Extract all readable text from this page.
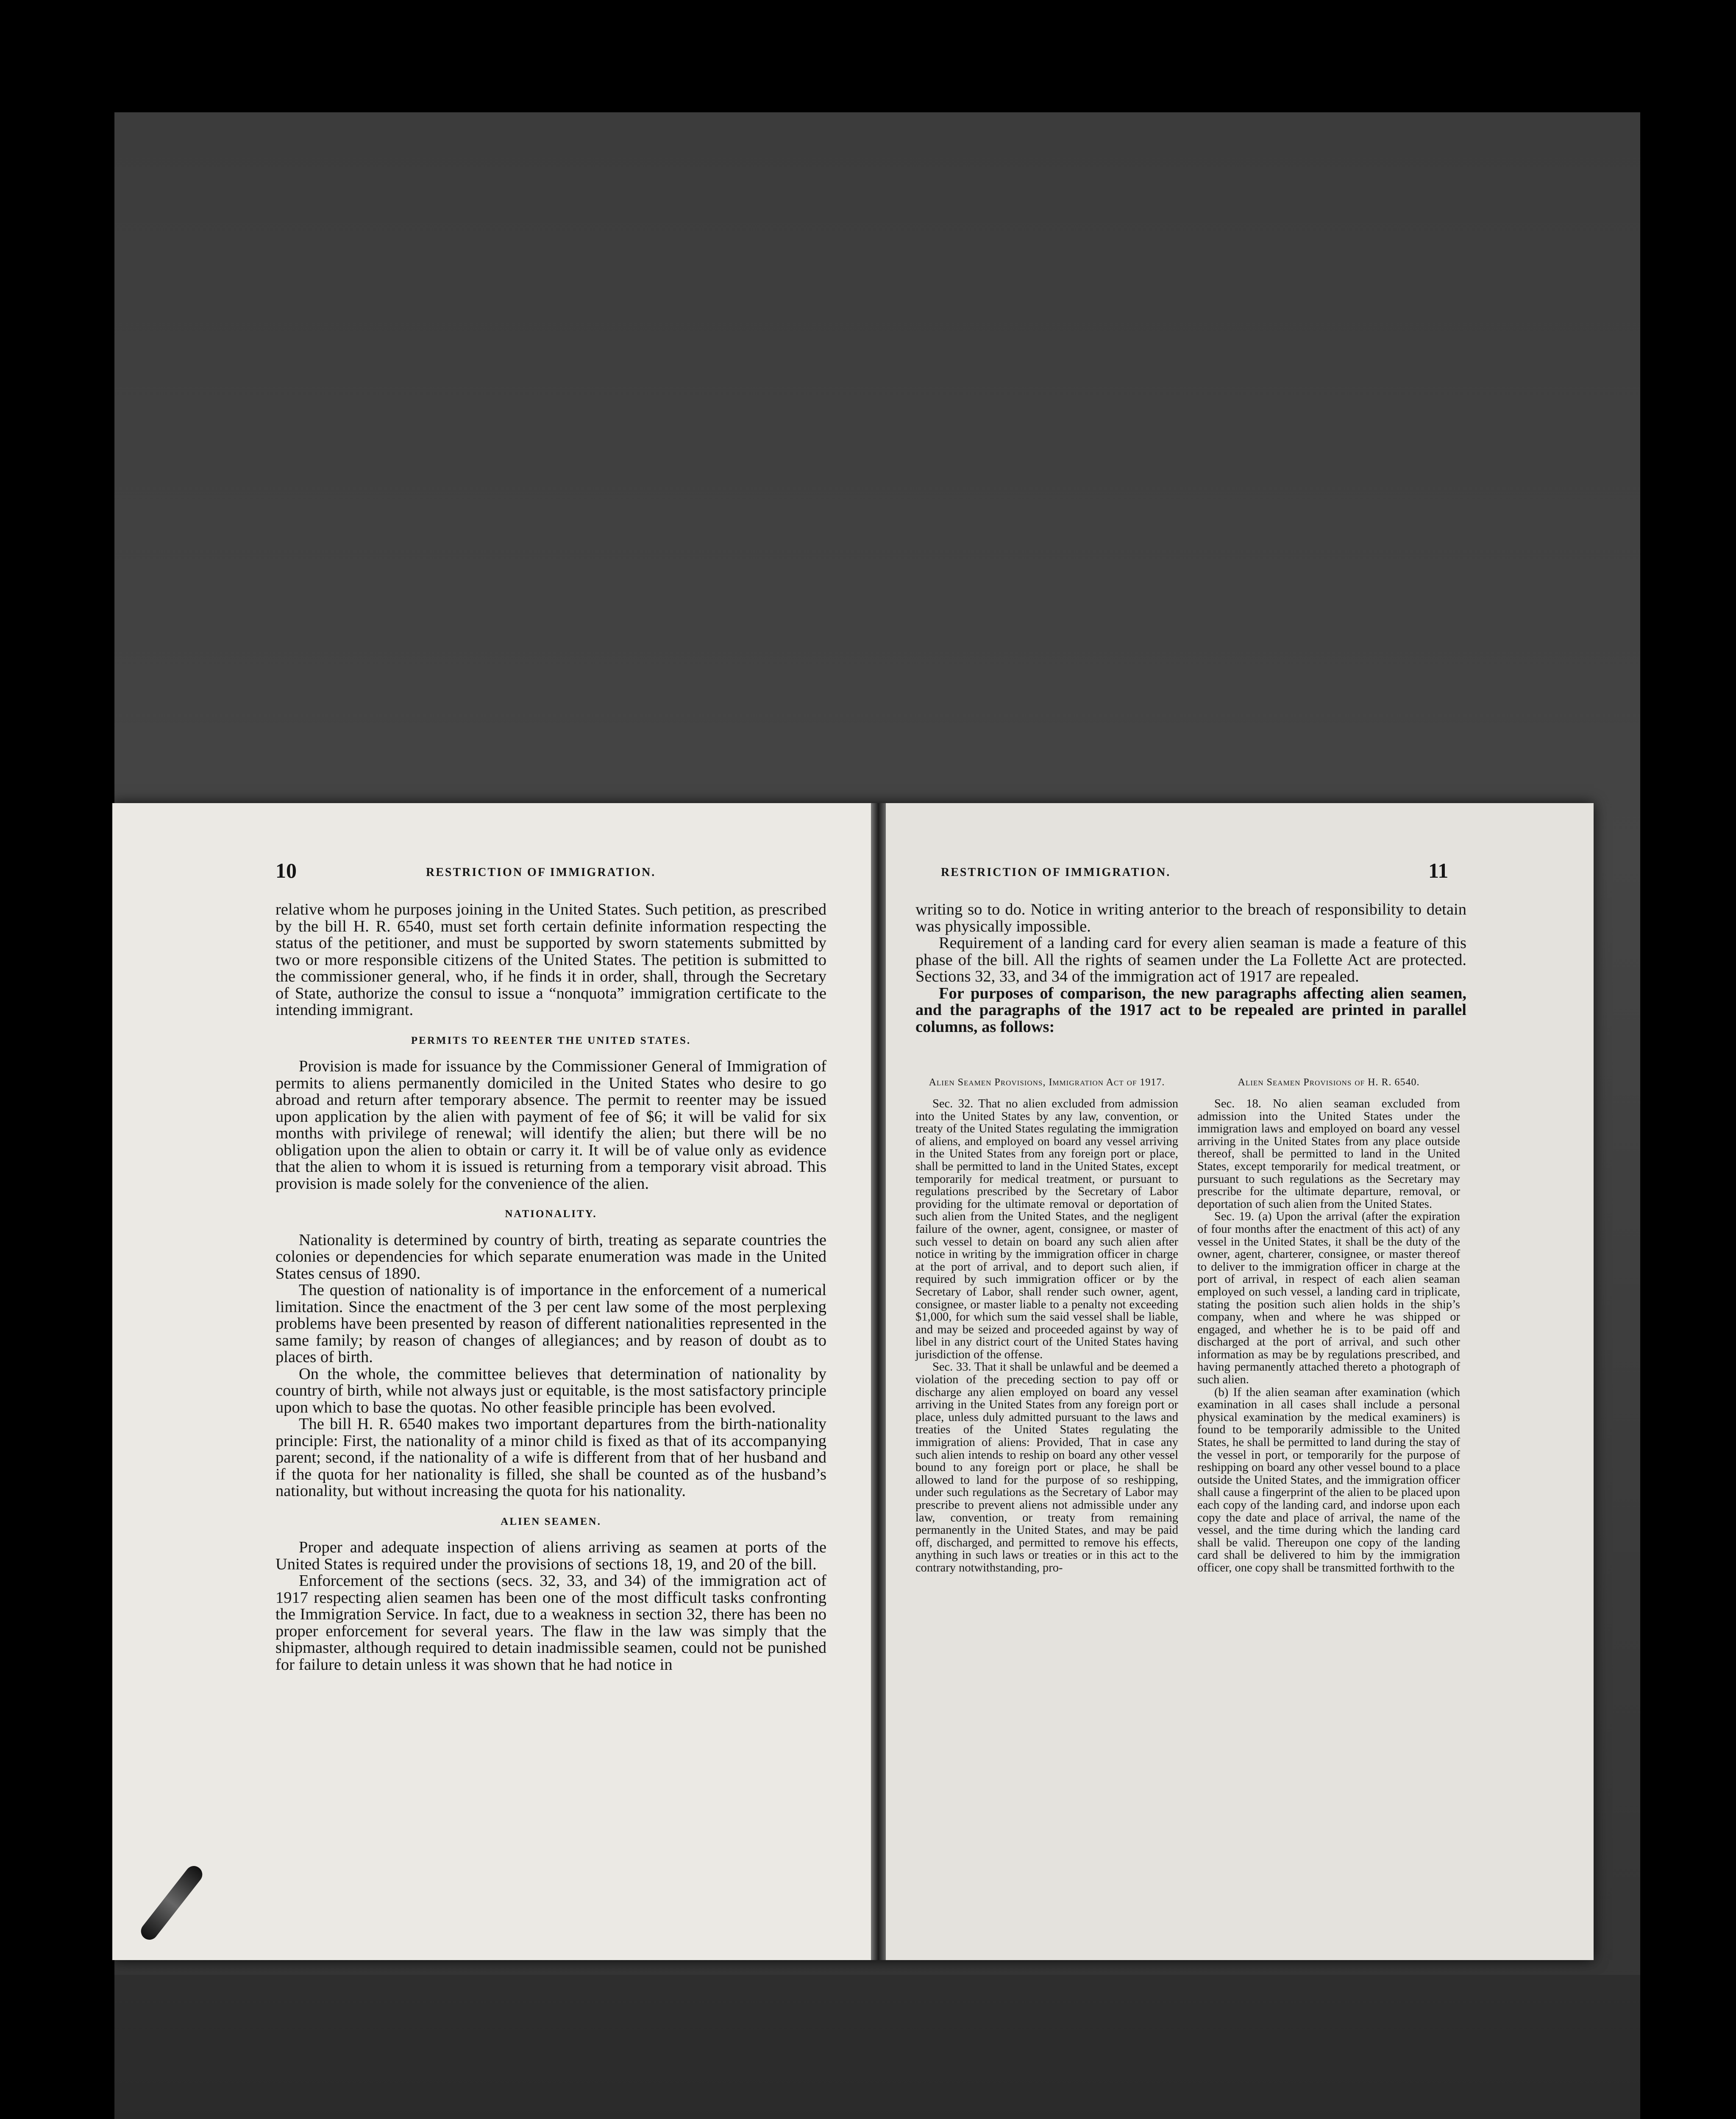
10	RESTRICTION OF IMMIGRATION.

relative whom he purposes joining in the United States. Such petition, as prescribed by the bill H. R. 6540, must set forth certain definite information respecting the status of the petitioner, and must be supported by sworn statements submitted by two or more responsible citizens of the United States. The petition is submitted to the commissioner general, who, if he finds it in order, shall, through the Secretary of State, authorize the consul to issue a “nonquota” immigration certificate to the intending immigrant.

PERMITS TO REENTER THE UNITED STATES.

Provision is made for issuance by the Commissioner General of Immigration of permits to aliens permanently domiciled in the United States who desire to go abroad and return after temporary absence. The permit to reenter may be issued upon application by the alien with payment of fee of $6; it will be valid for six months with privilege of renewal; will identify the alien; but there will be no obligation upon the alien to obtain or carry it. It will be of value only as evidence that the alien to whom it is issued is returning from a temporary visit abroad. This provision is made solely for the convenience of the alien.

NATIONALITY.

Nationality is determined by country of birth, treating as separate countries the colonies or dependencies for which separate enumeration was made in the United States census of 1890.

The question of nationality is of importance in the enforcement of a numerical limitation. Since the enactment of the 3 per cent law some of the most perplexing problems have been presented by reason of different nationalities represented in the same family; by reason of changes of allegiances; and by reason of doubt as to places of birth.

On the whole, the committee believes that determination of nationality by country of birth, while not always just or equitable, is the most satisfactory principle upon which to base the quotas. No other feasible principle has been evolved.

The bill H. R. 6540 makes two important departures from the birth-nationality principle: First, the nationality of a minor child is fixed as that of its accompanying parent; second, if the nationality of a wife is different from that of her husband and if the quota for her nationality is filled, she shall be counted as of the husband’s nationality, but without increasing the quota for his nationality.

ALIEN SEAMEN.

Proper and adequate inspection of aliens arriving as seamen at ports of the United States is required under the provisions of sections 18, 19, and 20 of the bill.

Enforcement of the sections (secs. 32, 33, and 34) of the immigration act of 1917 respecting alien seamen has been one of the most difficult tasks confronting the Immigration Service. In fact, due to a weakness in section 32, there has been no proper enforcement for several years. The flaw in the law was simply that the shipmaster, although required to detain inadmissible seamen, could not be punished for failure to detain unless it was shown that he had notice in

RESTRICTION OF IMMIGRATION.	11

writing so to do. Notice in writing anterior to the breach of responsibility to detain was physically impossible.

Requirement of a landing card for every alien seaman is made a feature of this phase of the bill. All the rights of seamen under the La Follette Act are protected. Sections 32, 33, and 34 of the immigration act of 1917 are repealed.

For purposes of comparison, the new paragraphs affecting alien seamen, and the paragraphs of the 1917 act to be repealed are printed in parallel columns, as follows:

Alien Seamen Provisions, Immigration Act of 1917.

Sec. 32. That no alien excluded from admission into the United States by any law, convention, or treaty of the United States regulating the immigration of aliens, and employed on board any vessel arriving in the United States from any foreign port or place, shall be permitted to land in the United States, except temporarily for medical treatment, or pursuant to regulations prescribed by the Secretary of Labor providing for the ultimate removal or deportation of such alien from the United States, and the negligent failure of the owner, agent, consignee, or master of such vessel to detain on board any such alien after notice in writing by the immigration officer in charge at the port of arrival, and to deport such alien, if required by such immigration officer or by the Secretary of Labor, shall render such owner, agent, consignee, or master liable to a penalty not exceeding $1,000, for which sum the said vessel shall be liable, and may be seized and proceeded against by way of libel in any district court of the United States having jurisdiction of the offense.

Sec. 33. That it shall be unlawful and be deemed a violation of the preceding section to pay off or discharge any alien employed on board any vessel arriving in the United States from any foreign port or place, unless duly admitted pursuant to the laws and treaties of the United States regulating the immigration of aliens: Provided, That in case any such alien intends to reship on board any other vessel bound to any foreign port or place, he shall be allowed to land for the purpose of so reshipping, under such regulations as the Secretary of Labor may prescribe to prevent aliens not admissible under any law, convention, or treaty from remaining permanently in the United States, and may be paid off, discharged, and permitted to remove his effects, anything in such laws or treaties or in this act to the contrary notwithstanding, pro-

Alien Seamen Provisions of H. R. 6540.

Sec. 18. No alien seaman excluded from admission into the United States under the immigration laws and employed on board any vessel arriving in the United States from any place outside thereof, shall be permitted to land in the United States, except temporarily for medical treatment, or pursuant to such regulations as the Secretary may prescribe for the ultimate departure, removal, or deportation of such alien from the United States.

Sec. 19. (a) Upon the arrival (after the expiration of four months after the enactment of this act) of any vessel in the United States, it shall be the duty of the owner, agent, charterer, consignee, or master thereof to deliver to the immigration officer in charge at the port of arrival, in respect of each alien seaman employed on such vessel, a landing card in triplicate, stating the position such alien holds in the ship’s company, when and where he was shipped or engaged, and whether he is to be paid off and discharged at the port of arrival, and such other information as may be by regulations prescribed, and having permanently attached thereto a photograph of such alien.

(b) If the alien seaman after examination (which examination in all cases shall include a personal physical examination by the medical examiners) is found to be temporarily admissible to the United States, he shall be permitted to land during the stay of the vessel in port, or temporarily for the purpose of reshipping on board any other vessel bound to a place outside the United States, and the immigration officer shall cause a fingerprint of the alien to be placed upon each copy of the landing card, and indorse upon each copy the date and place of arrival, the name of the vessel, and the time during which the landing card shall be valid. Thereupon one copy of the landing card shall be delivered to him by the immigration officer, one copy shall be transmitted forthwith to the
